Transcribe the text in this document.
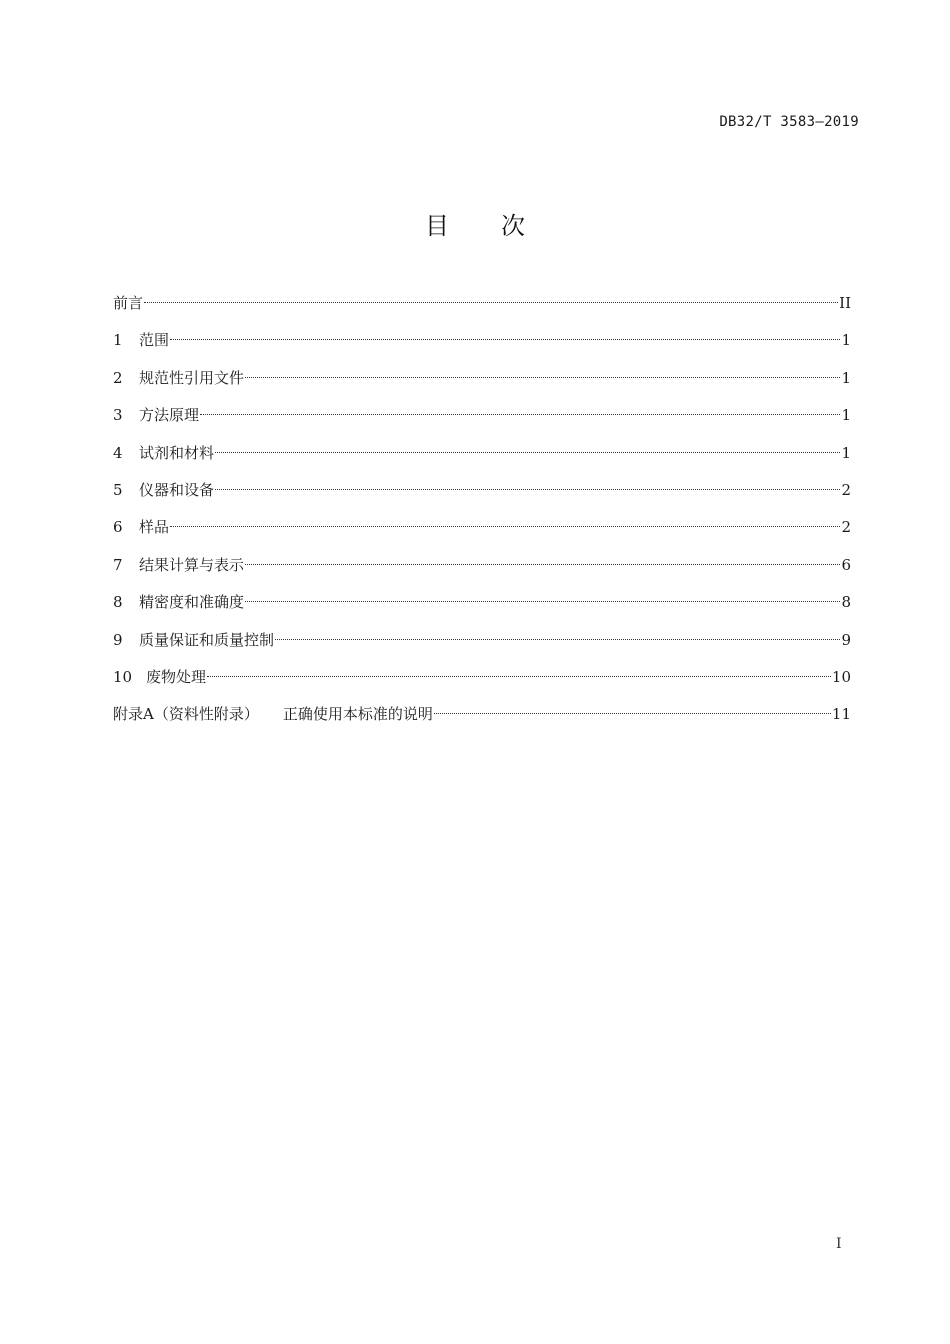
DB32/T 3583—2019
目次
前言	II
1	范围	1
2	规范性引用文件	1
3	方法原理	1
4	试剂和材料	1
5	仪器和设备	2
6	样品	2
7	结果计算与表示	6
8	精密度和准确度	8
9	质量保证和质量控制	9
10 废物处理	10
附录A（资料性附录） 正确使用本标准的说明	11
I
